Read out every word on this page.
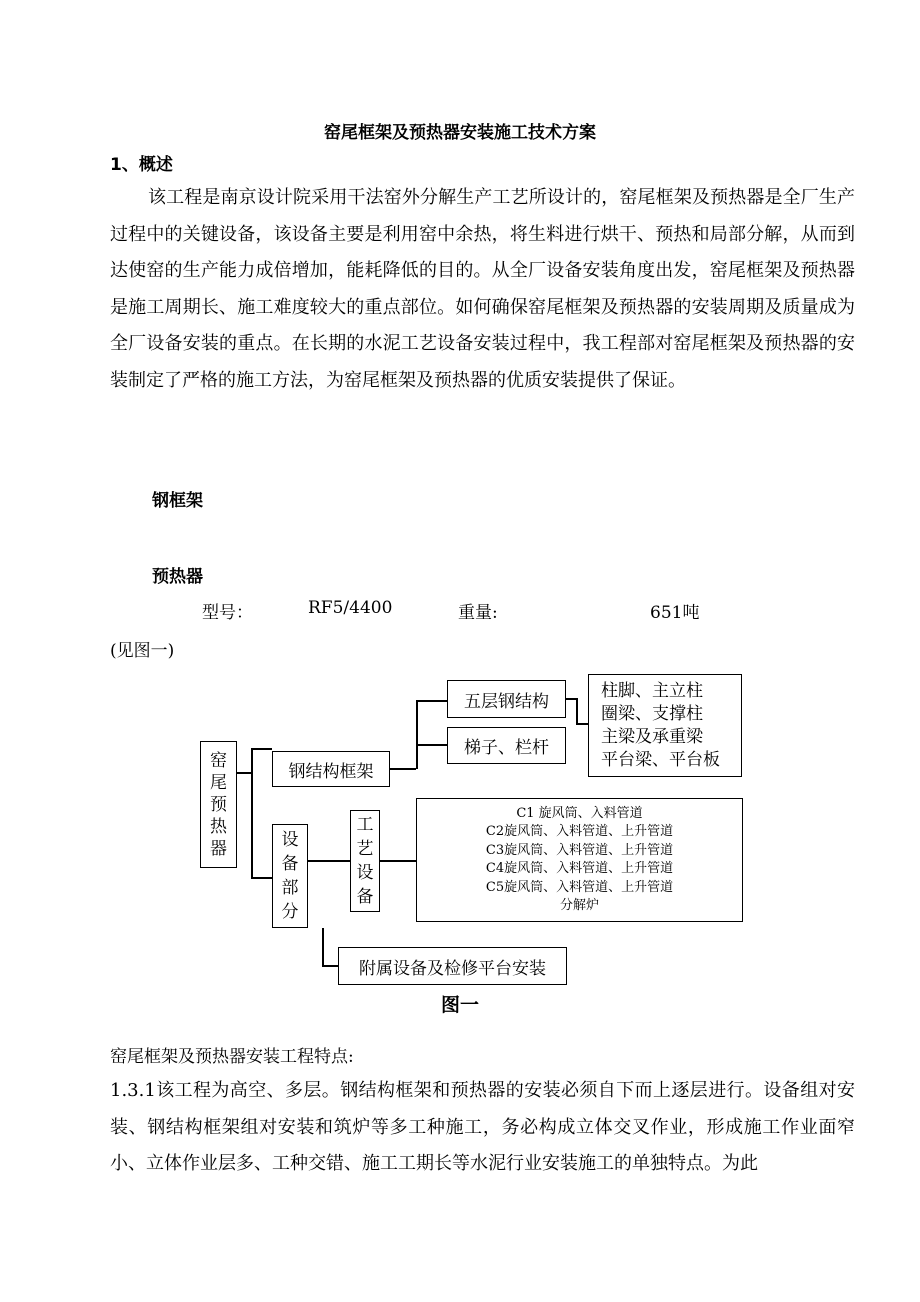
窑尾框架及预热器安装施工技术方案
1、概述

该工程是南京设计院采用干法窑外分解生产工艺所设计的，窑尾框架及预热器是全厂生产过程中的关键设备，该设备主要是利用窑中余热，将生料进行烘干、预热和局部分解，从而到达使窑的生产能力成倍增加，能耗降低的目的。从全厂设备安装角度出发，窑尾框架及预热器是施工周期长、施工难度较大的重点部位。如何确保窑尾框架及预热器的安装周期及质量成为全厂设备安装的重点。在长期的水泥工艺设备安装过程中，我工程部对窑尾框架及预热器的安装制定了严格的施工方法，为窑尾框架及预热器的优质安装提供了保证。

钢框架
预热器
型号：	RF5/4400	重量:	651吨
(见图一)
窑
尾
预
热
器
钢结构框架
五层钢结构
梯子、栏杆
柱脚、主立柱
圈梁、支撑柱
主梁及承重梁
平台梁、平台板
设
备
部
分
工
艺
设
备
C1 旋风筒、入料管道
C2旋风筒、入料管道、上升管道
C3旋风筒、入料管道、上升管道
C4旋风筒、入料管道、上升管道
C5旋风筒、入料管道、上升管道
分解炉
附属设备及检修平台安装
图一
窑尾框架及预热器安装工程特点:

1.3.1该工程为高空、多层。钢结构框架和预热器的安装必须自下而上逐层进行。设备组对安装、钢结构框架组对安装和筑炉等多工种施工，务必构成立体交叉作业，形成施工作业面窄小、立体作业层多、工种交错、施工工期长等水泥行业安装施工的单独特点。为此
